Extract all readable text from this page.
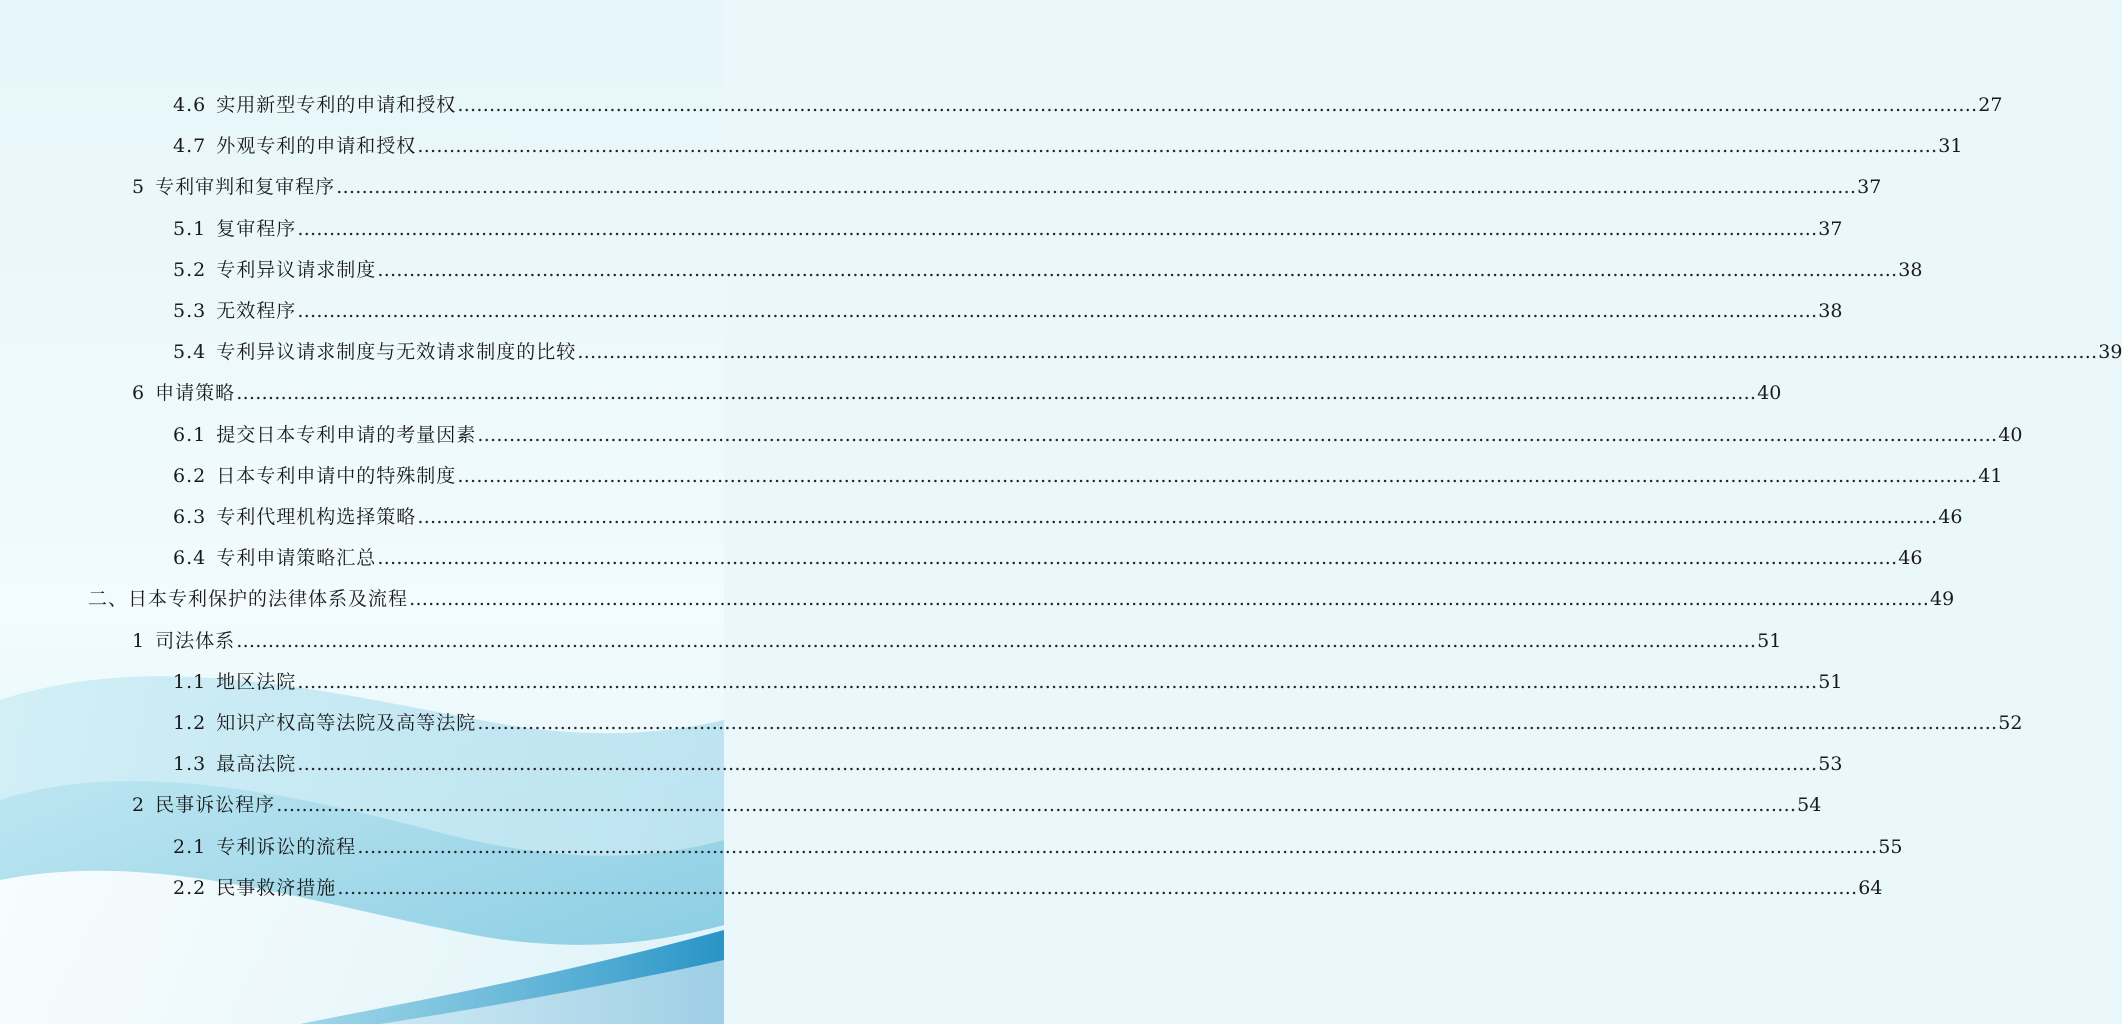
4.6 实用新型专利的申请和授权 …………………………………………………………………………………………………………………………………………………………………………………………………………………… 27
4.7 外观专利的申请和授权 …………………………………………………………………………………………………………………………………………………………………………………………………………………… 31
5 专利审判和复审程序 …………………………………………………………………………………………………………………………………………………………………………………………………………………… 37
5.1 复审程序 …………………………………………………………………………………………………………………………………………………………………………………………………………………… 37
5.2 专利异议请求制度 …………………………………………………………………………………………………………………………………………………………………………………………………………………… 38
5.3 无效程序 …………………………………………………………………………………………………………………………………………………………………………………………………………………… 38
5.4 专利异议请求制度与无效请求制度的比较 …………………………………………………………………………………………………………………………………………………………………………………………………………………… 39
6 申请策略 …………………………………………………………………………………………………………………………………………………………………………………………………………………… 40
6.1 提交日本专利申请的考量因素 …………………………………………………………………………………………………………………………………………………………………………………………………………………… 40
6.2 日本专利申请中的特殊制度 …………………………………………………………………………………………………………………………………………………………………………………………………………………… 41
6.3 专利代理机构选择策略 …………………………………………………………………………………………………………………………………………………………………………………………………………………… 46
6.4 专利申请策略汇总 …………………………………………………………………………………………………………………………………………………………………………………………………………………… 46
二、 日本专利保护的法律体系及流程 …………………………………………………………………………………………………………………………………………………………………………………………………………………… 49
1 司法体系 …………………………………………………………………………………………………………………………………………………………………………………………………………………… 51
1.1 地区法院 …………………………………………………………………………………………………………………………………………………………………………………………………………………… 51
1.2 知识产权高等法院及高等法院 …………………………………………………………………………………………………………………………………………………………………………………………………………………… 52
1.3 最高法院 …………………………………………………………………………………………………………………………………………………………………………………………………………………… 53
2 民事诉讼程序 …………………………………………………………………………………………………………………………………………………………………………………………………………………… 54
2.1 专利诉讼的流程 …………………………………………………………………………………………………………………………………………………………………………………………………………………… 55
2.2 民事救济措施 …………………………………………………………………………………………………………………………………………………………………………………………………………………… 64
